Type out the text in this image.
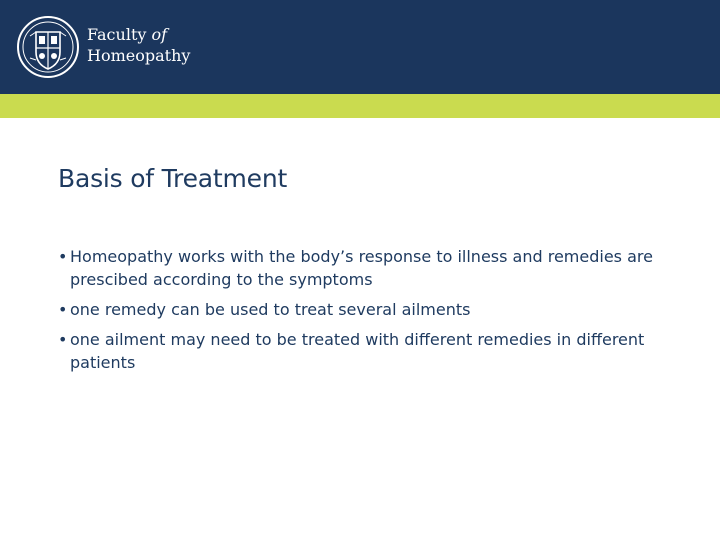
Faculty of
Homeopathy
Basis of Treatment
• Homeopathy works with the body’s response to illness and remedies are prescibed according to the symptoms
• one remedy can be used to treat several ailments
• one ailment may need to be treated with different remedies in different patients
